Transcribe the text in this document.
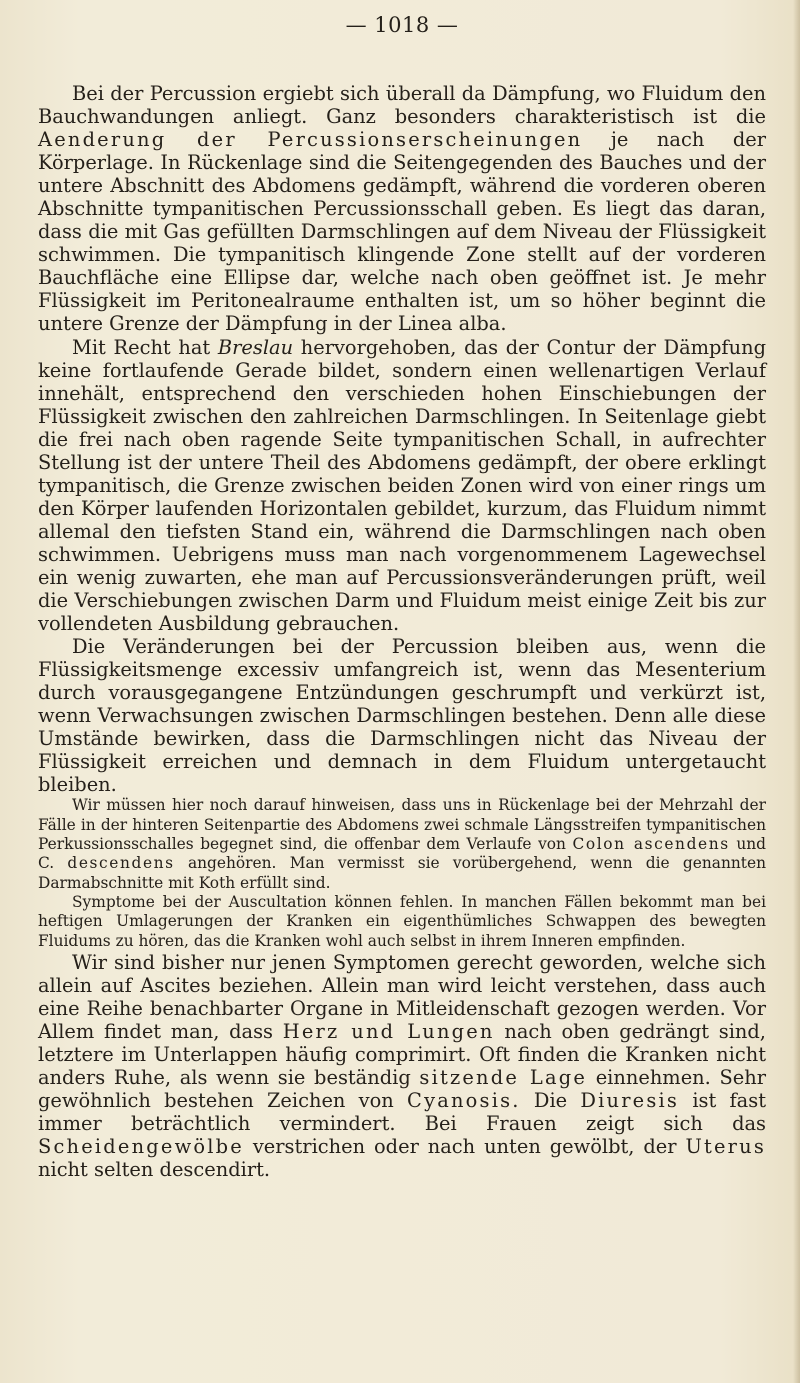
— 1018 —

Bei der Percussion ergiebt sich überall da Dämpfung, wo Fluidum den Bauchwandungen anliegt. Ganz besonders charakteristisch ist die Aenderung der Percussionserscheinungen je nach der Körperlage. In Rückenlage sind die Seitengegenden des Bauches und der untere Abschnitt des Abdomens gedämpft, während die vorderen oberen Abschnitte tympanitischen Percussionsschall geben. Es liegt das daran, dass die mit Gas gefüllten Darmschlingen auf dem Niveau der Flüssigkeit schwimmen. Die tympanitisch klingende Zone stellt auf der vorderen Bauchfläche eine Ellipse dar, welche nach oben geöffnet ist. Je mehr Flüssigkeit im Peritonealraume enthalten ist, um so höher beginnt die untere Grenze der Dämpfung in der Linea alba.

Mit Recht hat Breslau hervorgehoben, das der Contur der Dämpfung keine fortlaufende Gerade bildet, sondern einen wellenartigen Verlauf innehält, entsprechend den verschieden hohen Einschiebungen der Flüssigkeit zwischen den zahlreichen Darmschlingen. In Seitenlage giebt die frei nach oben ragende Seite tympanitischen Schall, in aufrechter Stellung ist der untere Theil des Abdomens gedämpft, der obere erklingt tympanitisch, die Grenze zwischen beiden Zonen wird von einer rings um den Körper laufenden Horizontalen gebildet, kurzum, das Fluidum nimmt allemal den tiefsten Stand ein, während die Darmschlingen nach oben schwimmen. Uebrigens muss man nach vorgenommenem Lagewechsel ein wenig zuwarten, ehe man auf Percussionsveränderungen prüft, weil die Verschiebungen zwischen Darm und Fluidum meist einige Zeit bis zur vollendeten Ausbildung gebrauchen.

Die Veränderungen bei der Percussion bleiben aus, wenn die Flüssigkeitsmenge excessiv umfangreich ist, wenn das Mesenterium durch vorausgegangene Entzündungen geschrumpft und verkürzt ist, wenn Verwachsungen zwischen Darmschlingen bestehen. Denn alle diese Umstände bewirken, dass die Darmschlingen nicht das Niveau der Flüssigkeit erreichen und demnach in dem Fluidum untergetaucht bleiben.

Wir müssen hier noch darauf hinweisen, dass uns in Rückenlage bei der Mehrzahl der Fälle in der hinteren Seitenpartie des Abdomens zwei schmale Längsstreifen tympanitischen Perkussionsschalles begegnet sind, die offenbar dem Verlaufe von Colon ascendens und C. descendens angehören. Man vermisst sie vorübergehend, wenn die genannten Darmabschnitte mit Koth erfüllt sind.

Symptome bei der Auscultation können fehlen. In manchen Fällen bekommt man bei heftigen Umlagerungen der Kranken ein eigenthümliches Schwappen des bewegten Fluidums zu hören, das die Kranken wohl auch selbst in ihrem Inneren empfinden.

Wir sind bisher nur jenen Symptomen gerecht geworden, welche sich allein auf Ascites beziehen. Allein man wird leicht verstehen, dass auch eine Reihe benachbarter Organe in Mitleidenschaft gezogen werden. Vor Allem findet man, dass Herz und Lungen nach oben gedrängt sind, letztere im Unterlappen häufig comprimirt. Oft finden die Kranken nicht anders Ruhe, als wenn sie beständig sitzende Lage einnehmen. Sehr gewöhnlich bestehen Zeichen von Cyanosis. Die Diuresis ist fast immer beträchtlich vermindert. Bei Frauen zeigt sich das Scheidengewölbe verstrichen oder nach unten gewölbt, der Uterus nicht selten descendirt.
